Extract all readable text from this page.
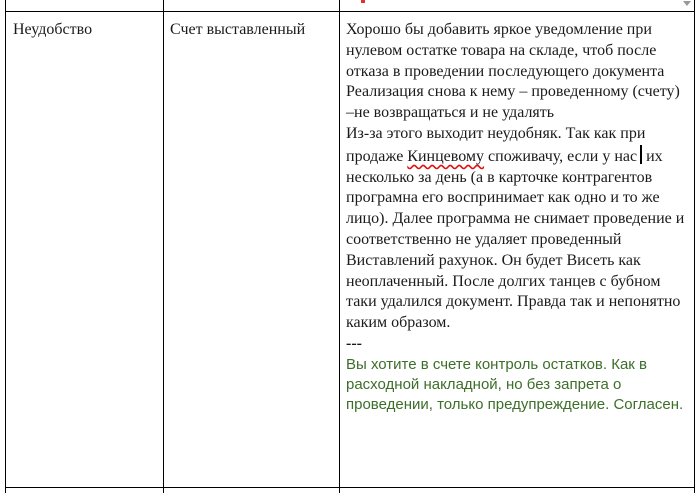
Неудобство	Счет выставленный	Хорошо бы добавить яркое уведомление при нулевом остатке товара на складе, чтоб после отказа в проведении последующего документа Реализация снова к нему – проведенному (счету) –не возвращаться и не удалять

Из-за этого выходит неудобняк. Так как при продаже Кинцевому споживачу, если у нас их несколько за день (а в карточке контрагентов програмна его воспринимает как одно и то же лицо). Далее программа не снимает проведение и соответственно не удаляет проведенный Виставлений рахунок. Он будет Висеть как неоплаченный. После долгих танцев с бубном таки удалился документ. Правда так и непонятно каким образом.

---

Вы хотите в счете контроль остатков. Как в расходной накладной, но без запрета о проведении, только предупреждение. Согласен.
